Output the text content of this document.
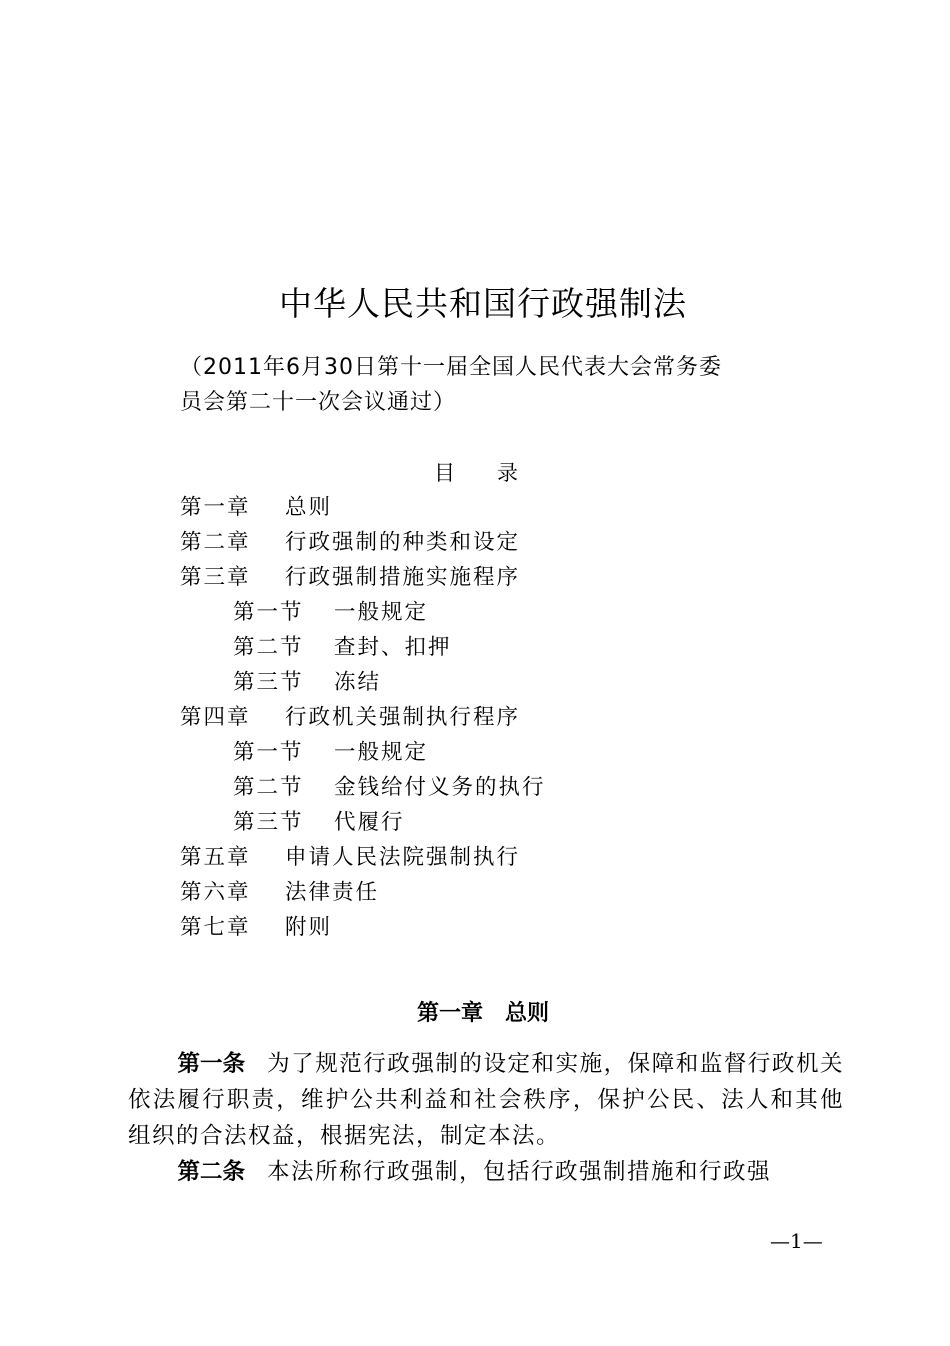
中华人民共和国行政强制法
（2011年6月30日第十一届全国人民代表大会常务委
员会第二十一次会议通过）
目　　录
第一章	总则
第二章	行政强制的种类和设定
第三章	行政强制措施实施程序
第一节	一般规定
第二节	查封、扣押
第三节	冻结
第四章	行政机关强制执行程序
第一节	一般规定
第二节	金钱给付义务的执行
第三节	代履行
第五章	申请人民法院强制执行
第六章	法律责任
第七章	附则
第一章　总则

第一条 为了规范行政强制的设定和实施，保障和监督行政机关依法履行职责，维护公共利益和社会秩序，保护公民、法人和其他组织的合法权益，根据宪法，制定本法。

第二条 本法所称行政强制，包括行政强制措施和行政强

—1—
